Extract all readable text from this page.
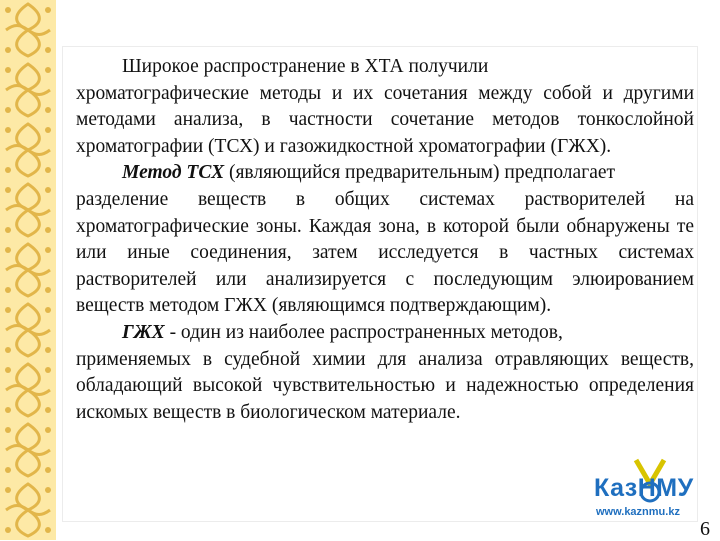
Широкое распространение в ХТА получили
хроматографические методы и их сочетания между собой и другими методами анализа, в частности сочетание методов тонкослойной хроматографии (ТСХ) и газожидкостной хроматографии (ГЖХ).

Метод ТСХ (являющийся предварительным) предполагает
разделение веществ в общих системах растворителей на хроматографические зоны. Каждая зона, в которой были обнаружены те или иные соединения, затем исследуется в частных системах растворителей или анализируется с последующим элюированием веществ методом ГЖХ (являющимся подтверждающим).

ГЖХ - один из наиболее распространенных методов,
применяемых в судебной химии для анализа отравляющих веществ, обладающий высокой чувствительностью и надежностью определения искомых веществ в биологическом материале.

КазНМУ
www.kaznmu.kz
6
